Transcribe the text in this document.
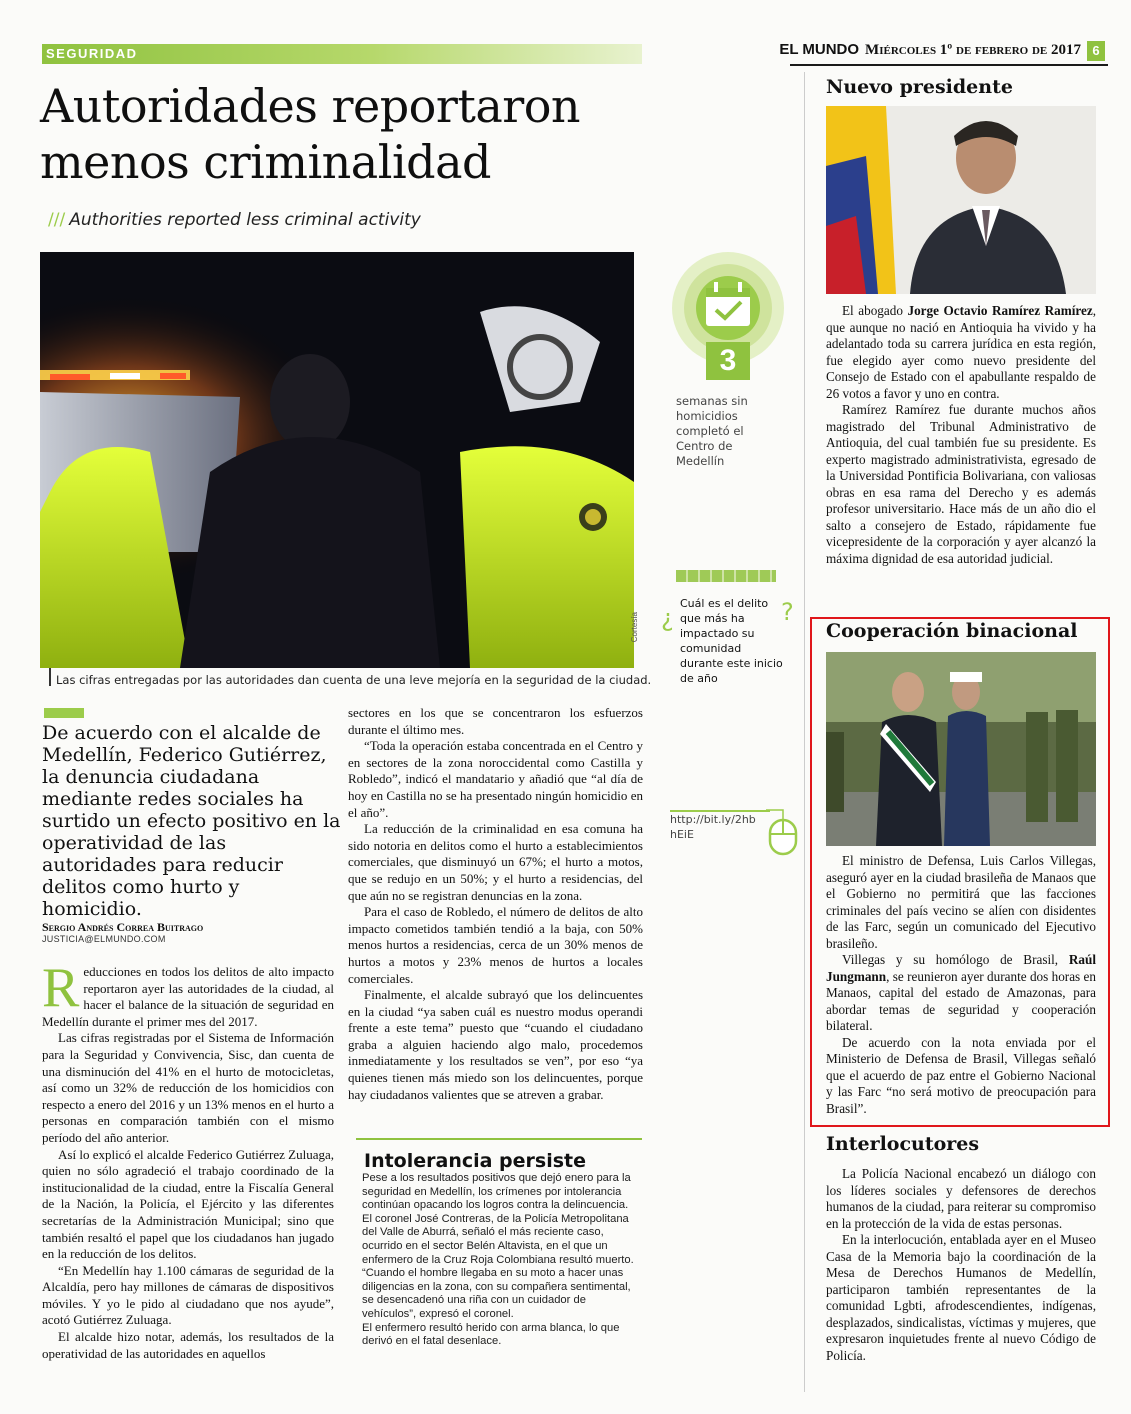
SEGURIDAD	EL MUNDO Miércoles 1º de febrero de 2017 6
Autoridades reportaron
menos criminalidad
/// Authorities reported less criminal activity
Las cifras entregadas por las autoridades dan cuenta de una leve mejoría en la seguridad de la ciudad.
Cortesía
3
semanas sin homicidios completó el Centro de Medellín
¿
Cuál es el delito que más ha impactado su comunidad durante este inicio de año
?
http://bit.ly/2hbhEiE
De acuerdo con el alcalde de Medellín, Federico Gutiérrez, la denuncia ciudadana mediante redes sociales ha surtido un efecto positivo en la operatividad de las autoridades para reducir delitos como hurto y homicidio.
Sergio Andrés Correa Buitrago
JUSTICIA@ELMUNDO.COM

Reducciones en todos los delitos de alto impacto reportaron ayer las autoridades de la ciudad, al hacer el balance de la situación de seguridad en Medellín durante el primer mes del 2017.

Las cifras registradas por el Sistema de Información para la Seguridad y Convivencia, Sisc, dan cuenta de una disminución del 41% en el hurto de motocicletas, así como un 32% de reducción de los homicidios con respecto a enero del 2016 y un 13% menos en el hurto a personas en comparación también con el mismo período del año anterior.

Así lo explicó el alcalde Federico Gutiérrez Zuluaga, quien no sólo agradeció el trabajo coordinado de la institucionalidad de la ciudad, entre la Fiscalía General de la Nación, la Policía, el Ejército y las diferentes secretarías de la Administración Municipal; sino que también resaltó el papel que los ciudadanos han jugado en la reducción de los delitos.

“En Medellín hay 1.100 cámaras de seguridad de la Alcaldía, pero hay millones de cámaras de dispositivos móviles. Y yo le pido al ciudadano que nos ayude”, acotó Gutiérrez Zuluaga.

El alcalde hizo notar, además, los resultados de la operatividad de las autoridades en aquellos

sectores en los que se concentraron los esfuerzos durante el último mes.

“Toda la operación estaba concentrada en el Centro y en sectores de la zona noroccidental como Castilla y Robledo”, indicó el mandatario y añadió que “al día de hoy en Castilla no se ha presentado ningún homicidio en el año”.

La reducción de la criminalidad en esa comuna ha sido notoria en delitos como el hurto a establecimientos comerciales, que disminuyó un 67%; el hurto a motos, que se redujo en un 50%; y el hurto a residencias, del que aún no se registran denuncias en la zona.

Para el caso de Robledo, el número de delitos de alto impacto cometidos también tendió a la baja, con 50% menos hurtos a residencias, cerca de un 30% menos de hurtos a motos y 23% menos de hurtos a locales comerciales.

Finalmente, el alcalde subrayó que los delincuentes en la ciudad “ya saben cuál es nuestro modus operandi frente a este tema” puesto que “cuando el ciudadano graba a alguien haciendo algo malo, procedemos inmediatamente y los resultados se ven”, por eso “ya quienes tienen más miedo son los delincuentes, porque hay ciudadanos valientes que se atreven a grabar.

Intolerancia persiste

Pese a los resultados positivos que dejó enero para la seguridad en Medellín, los crímenes por intolerancia continúan opacando los logros contra la delincuencia.

El coronel José Contreras, de la Policía Metropolitana del Valle de Aburrá, señaló el más reciente caso, ocurrido en el sector Belén Altavista, en el que un enfermero de la Cruz Roja Colombiana resultó muerto.

“Cuando el hombre llegaba en su moto a hacer unas diligencias en la zona, con su compañera sentimental, se desencadenó una riña con un cuidador de vehículos”, expresó el coronel.

El enfermero resultó herido con arma blanca, lo que derivó en el fatal desenlace.

Nuevo presidente

El abogado Jorge Octavio Ramírez Ramírez, que aunque no nació en Antioquia ha vivido y ha adelantado toda su carrera jurídica en esta región, fue elegido ayer como nuevo presidente del Consejo de Estado con el apabullante respaldo de 26 votos a favor y uno en contra.

Ramírez Ramírez fue durante muchos años magistrado del Tribunal Administrativo de Antioquia, del cual también fue su presidente. Es experto magistrado administrativista, egresado de la Universidad Pontificia Bolivariana, con valiosas obras en esa rama del Derecho y es además profesor universitario. Hace más de un año dio el salto a consejero de Estado, rápidamente fue vicepresidente de la corporación y ayer alcanzó la máxima dignidad de esa autoridad judicial.

Cooperación binacional

El ministro de Defensa, Luis Carlos Villegas, aseguró ayer en la ciudad brasileña de Manaos que el Gobierno no permitirá que las facciones criminales del país vecino se alíen con disidentes de las Farc, según un comunicado del Ejecutivo brasileño.

Villegas y su homólogo de Brasil, Raúl Jungmann, se reunieron ayer durante dos horas en Manaos, capital del estado de Amazonas, para abordar temas de seguridad y cooperación bilateral.

De acuerdo con la nota enviada por el Ministerio de Defensa de Brasil, Villegas señaló que el acuerdo de paz entre el Gobierno Nacional y las Farc “no será motivo de preocupación para Brasil”.

Interlocutores

La Policía Nacional encabezó un diálogo con los líderes sociales y defensores de derechos humanos de la ciudad, para reiterar su compromiso en la protección de la vida de estas personas.

En la interlocución, entablada ayer en el Museo Casa de la Memoria bajo la coordinación de la Mesa de Derechos Humanos de Medellín, participaron también representantes de la comunidad Lgbti, afrodescendientes, indígenas, desplazados, sindicalistas, víctimas y mujeres, que expresaron inquietudes frente al nuevo Código de Policía.
